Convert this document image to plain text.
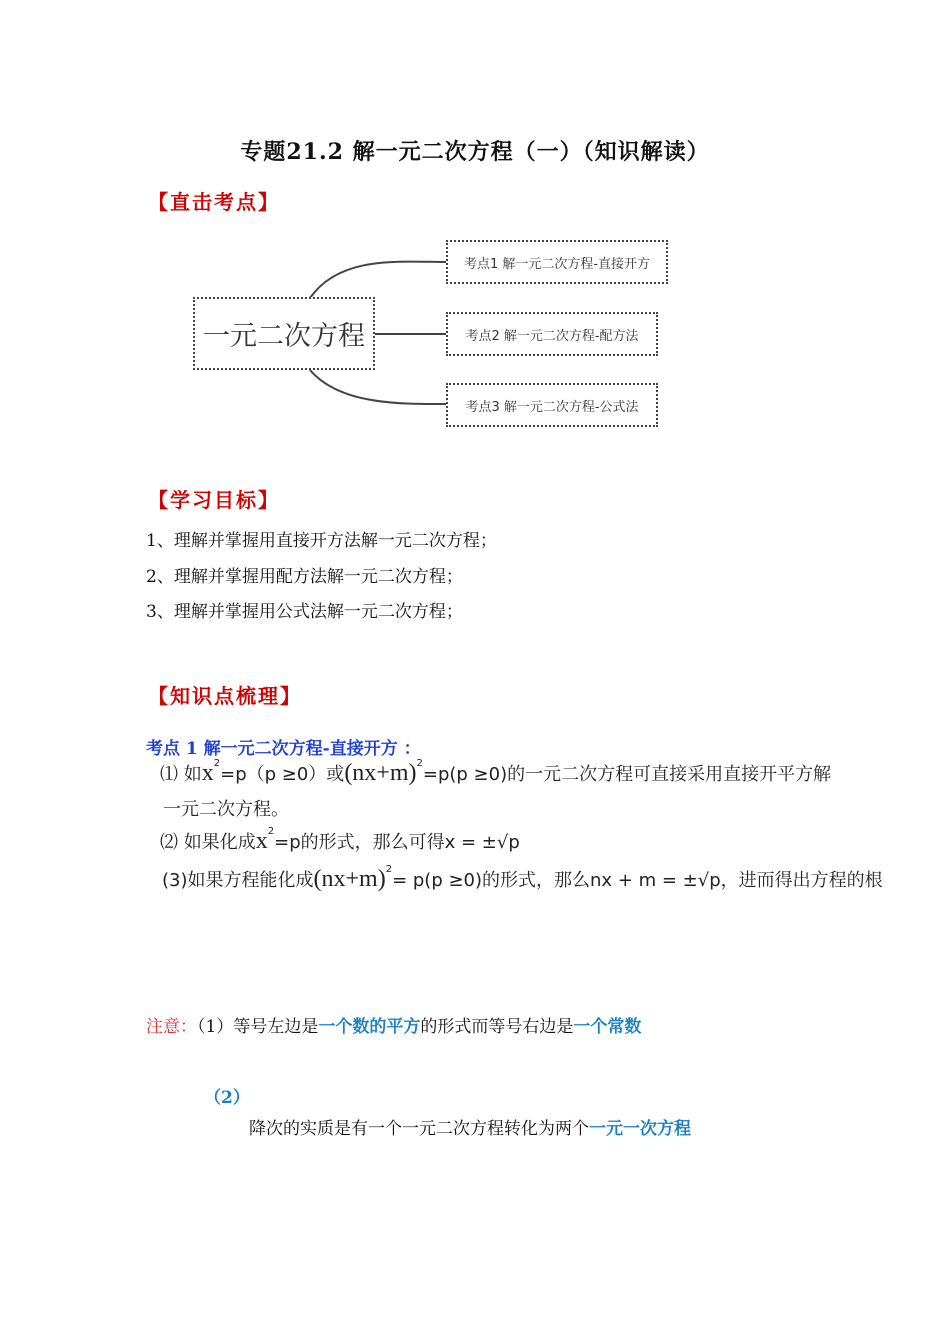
专题21.2 解一元二次方程（一）（知识解读）
【直击考点】
一元二次方程
考点1 解一元二次方程-直接开方
考点2 解一元二次方程-配方法
考点3 解一元二次方程-公式法
【学习目标】
1、理解并掌握用直接开方法解一元二次方程；
2、理解并掌握用配方法解一元二次方程；
3、理解并掌握用公式法解一元二次方程；
【知识点梳理】
考点 1 解一元二次方程-直接开方 ：
⑴ 如$x^2=p(p \ge 0)$或$(nx+m)^2=p(p \ge 0)$的一元二次方程可直接采用直接开平方解
一元二次方程。
⑵ 如果化成$x^2=p$的形式，那么可得x = ±√p
(3)如果方程能化成$(nx+m)^2= p(p \ge 0)$的形式，那么nx + m = ±√p，进而得出方程的根
注意：（1）等号左边是一个数的平方的形式而等号右边是一个常数
（2）
降次的实质是有一个一元二次方程转化为两个一元一次方程
